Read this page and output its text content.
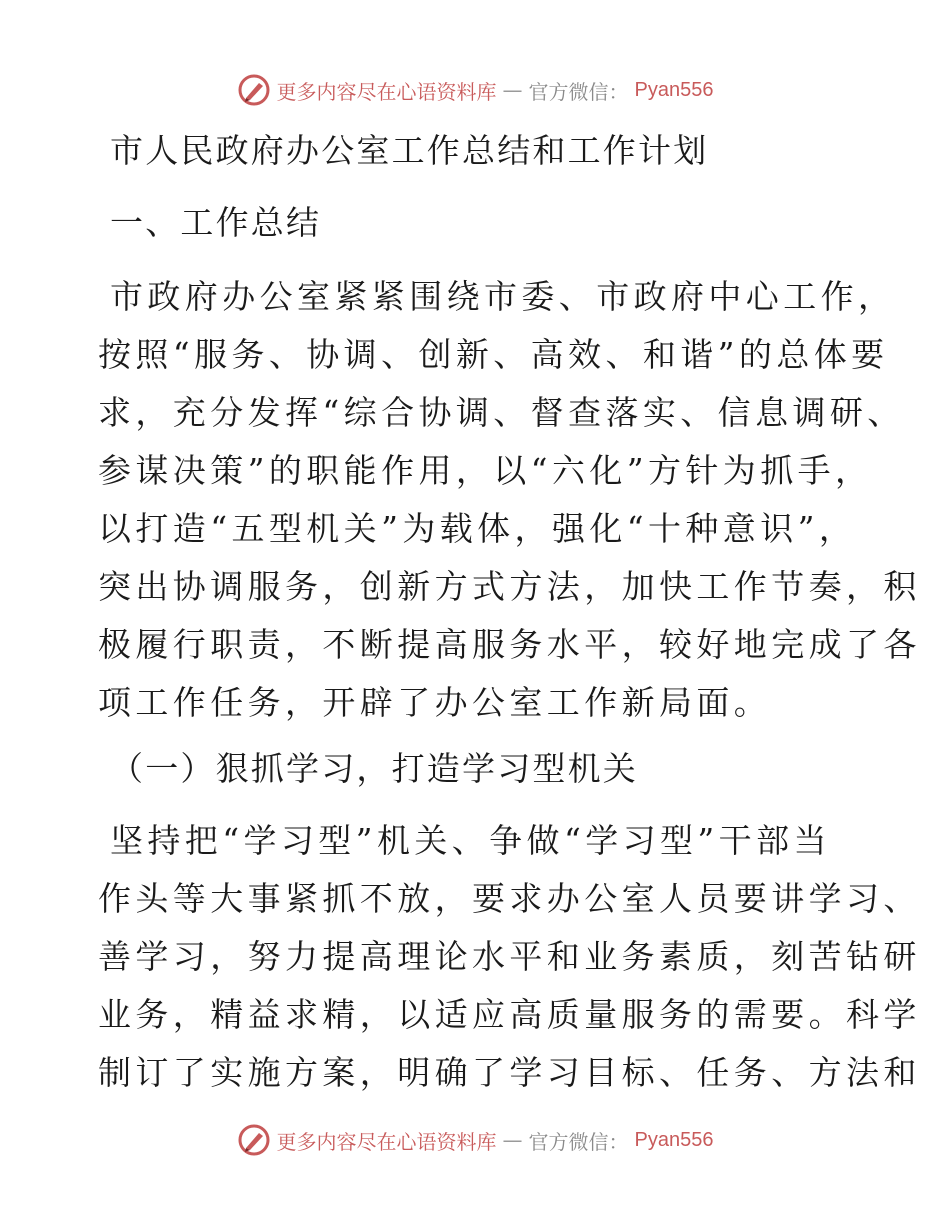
更多内容尽在心语资料库 — 官方微信： Pyan556
市人民政府办公室工作总结和工作计划
一、工作总结
市政府办公室紧紧围绕市委、市政府中心工作，
按照“服务、协调、创新、高效、和谐”的总体要
求，充分发挥“综合协调、督查落实、信息调研、
参谋决策”的职能作用，以“六化”方针为抓手，
以打造“五型机关”为载体，强化“十种意识”，
突出协调服务，创新方式方法，加快工作节奏，积
极履行职责，不断提高服务水平，较好地完成了各
项工作任务，开辟了办公室工作新局面。
（一）狠抓学习，打造学习型机关
坚持把“学习型”机关、争做“学习型”干部当
作头等大事紧抓不放，要求办公室人员要讲学习、
善学习，努力提高理论水平和业务素质，刻苦钻研
业务，精益求精，以适应高质量服务的需要。科学
制订了实施方案，明确了学习目标、任务、方法和
更多内容尽在心语资料库 — 官方微信： Pyan556
